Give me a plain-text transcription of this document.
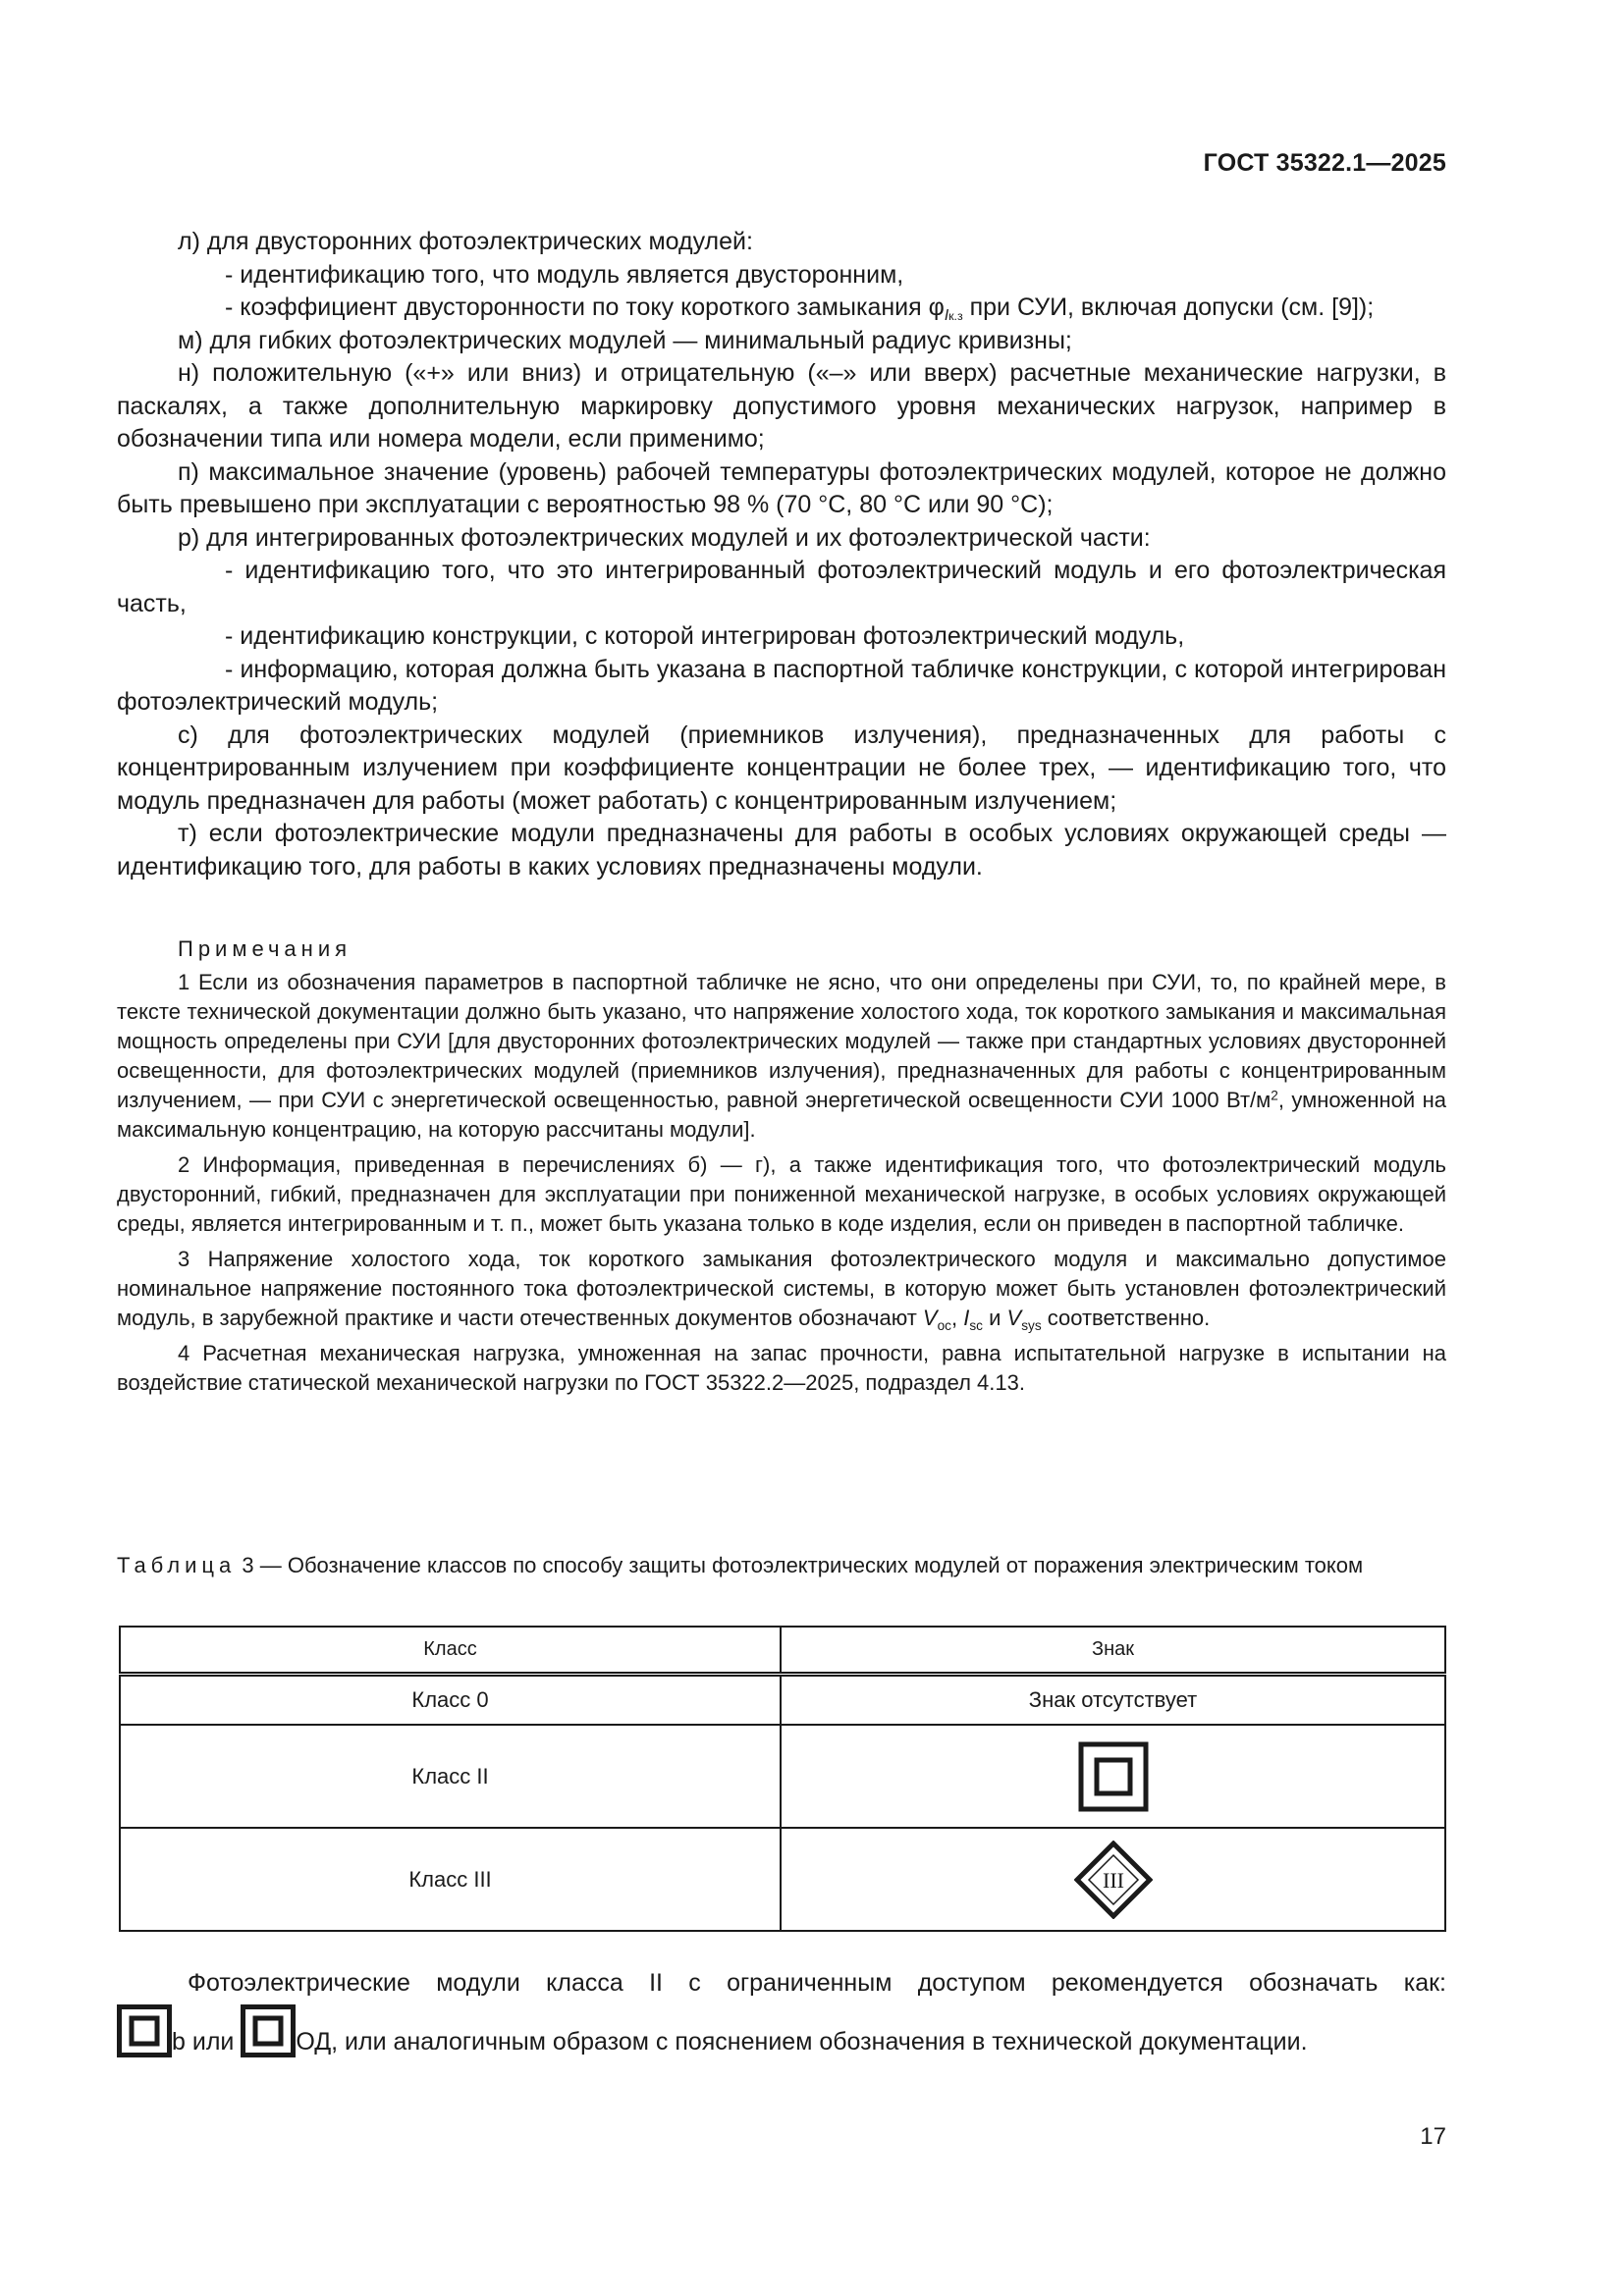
ГОСТ 35322.1—2025

л) для двусторонних фотоэлектрических модулей:

- идентификацию того, что модуль является двусторонним,

- коэффициент двусторонности по току короткого замыкания $\varphi_{Iк.з}$ при СУИ, включая допуски (см. [9]);

м) для гибких фотоэлектрических модулей — минимальный радиус кривизны;

н) положительную («+» или вниз) и отрицательную («–» или вверх) расчетные механические нагрузки, в паскалях, а также дополнительную маркировку допустимого уровня механических нагрузок, например в обозначении типа или номера модели, если применимо;

п) максимальное значение (уровень) рабочей температуры фотоэлектрических модулей, которое не должно быть превышено при эксплуатации с вероятностью 98 % (70 °С, 80 °С или 90 °С);

р) для интегрированных фотоэлектрических модулей и их фотоэлектрической части:

- идентификацию того, что это интегрированный фотоэлектрический модуль и его фотоэлектрическая часть,

- идентификацию конструкции, с которой интегрирован фотоэлектрический модуль,

- информацию, которая должна быть указана в паспортной табличке конструкции, с которой интегрирован фотоэлектрический модуль;

с) для фотоэлектрических модулей (приемников излучения), предназначенных для работы с концентрированным излучением при коэффициенте концентрации не более трех, — идентификацию того, что модуль предназначен для работы (может работать) с концентрированным излучением;

т) если фотоэлектрические модули предназначены для работы в особых условиях окружающей среды — идентификацию того, для работы в каких условиях предназначены модули.

Примечания

1 Если из обозначения параметров в паспортной табличке не ясно, что они определены при СУИ, то, по крайней мере, в тексте технической документации должно быть указано, что напряжение холостого хода, ток короткого замыкания и максимальная мощность определены при СУИ [для двусторонних фотоэлектрических модулей — также при стандартных условиях двусторонней освещенности, для фотоэлектрических модулей (приемников излучения), предназначенных для работы с концентрированным излучением, — при СУИ с энергетической освещенностью, равной энергетической освещенности СУИ 1000 $Вт/м^2$, умноженной на максимальную концентрацию, на которую рассчитаны модули].

2 Информация, приведенная в перечислениях б) — г), а также идентификация того, что фотоэлектрический модуль двусторонний, гибкий, предназначен для эксплуатации при пониженной механической нагрузке, в особых условиях окружающей среды, является интегрированным и т. п., может быть указана только в коде изделия, если он приведен в паспортной табличке.

3 Напряжение холостого хода, ток короткого замыкания фотоэлектрического модуля и максимально допустимое номинальное напряжение постоянного тока фотоэлектрической системы, в которую может быть установлен фотоэлектрический модуль, в зарубежной практике и части отечественных документов обозначают $V_{oc}$, $I_{sc}$ и $V_{sys}$ соответственно.

4 Расчетная механическая нагрузка, умноженная на запас прочности, равна испытательной нагрузке в испытании на воздействие статической механической нагрузки по ГОСТ 35322.2—2025, подраздел 4.13.

Таблица 3 — Обозначение классов по способу защиты фотоэлектрических модулей от поражения электрическим током
Класс	Знак
Класс 0	Знак отсутствует
Класс II	

Класс III	III
Фотоэлектрические модули класса II с ограниченным доступом рекомендуется обозначать как:
b или ОД, или аналогичным образом с пояснением обозначения в технической документации.
17
